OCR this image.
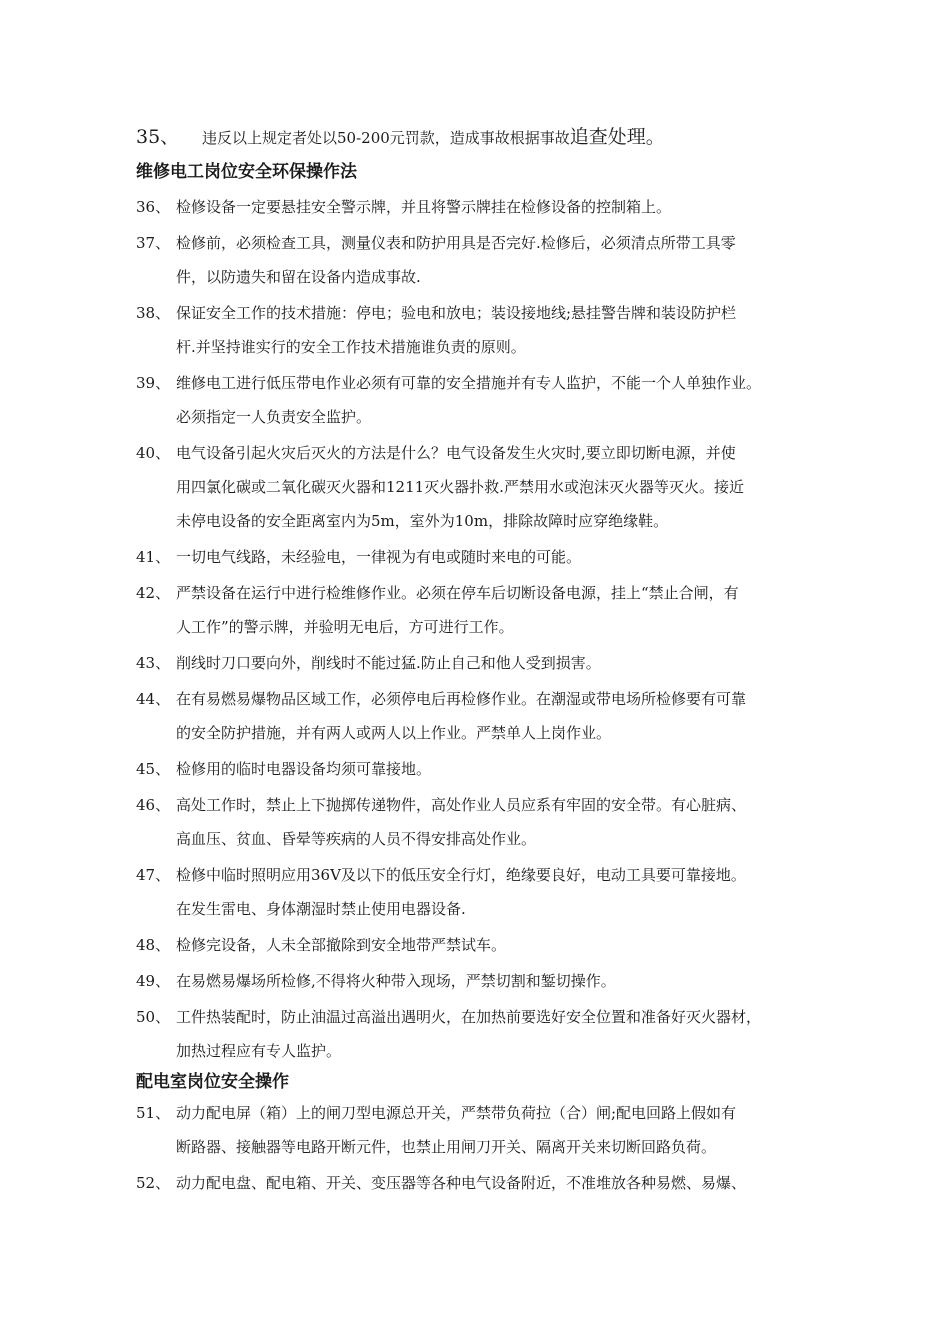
35、 违反以上规定者处以50-200元罚款，造成事故根据事故追查处理。
维修电工岗位安全环保操作法
36、 检修设备一定要悬挂安全警示牌，并且将警示牌挂在检修设备的控制箱上。
37、 检修前，必须检查工具，测量仪表和防护用具是否完好.检修后，必须清点所带工具零
件，以防遗失和留在设备内造成事故.
38、 保证安全工作的技术措施：停电；验电和放电；装设接地线;悬挂警告牌和装设防护栏
杆.并坚持谁实行的安全工作技术措施谁负责的原则。
39、 维修电工进行低压带电作业必须有可靠的安全措施并有专人监护，不能一个人单独作业。
必须指定一人负责安全监护。
40、 电气设备引起火灾后灭火的方法是什么？电气设备发生火灾时,要立即切断电源，并使
用四氯化碳或二氧化碳灭火器和1211灭火器扑救.严禁用水或泡沫灭火器等灭火。接近
未停电设备的安全距离室内为5m，室外为10m，排除故障时应穿绝缘鞋。
41、 一切电气线路，未经验电，一律视为有电或随时来电的可能。
42、 严禁设备在运行中进行检维修作业。必须在停车后切断设备电源，挂上“禁止合闸，有
人工作”的警示牌，并验明无电后，方可进行工作。
43、 削线时刀口要向外，削线时不能过猛.防止自己和他人受到损害。
44、 在有易燃易爆物品区域工作，必须停电后再检修作业。在潮湿或带电场所检修要有可靠
的安全防护措施，并有两人或两人以上作业。严禁单人上岗作业。
45、 检修用的临时电器设备均须可靠接地。
46、 高处工作时，禁止上下抛掷传递物件，高处作业人员应系有牢固的安全带。有心脏病、
高血压、贫血、昏晕等疾病的人员不得安排高处作业。
47、 检修中临时照明应用36V及以下的低压安全行灯，绝缘要良好，电动工具要可靠接地。
在发生雷电、身体潮湿时禁止使用电器设备.
48、 检修完设备，人未全部撤除到安全地带严禁试车。
49、 在易燃易爆场所检修,不得将火种带入现场，严禁切割和錾切操作。
50、 工件热装配时，防止油温过高溢出遇明火，在加热前要选好安全位置和准备好灭火器材，
加热过程应有专人监护。
配电室岗位安全操作
51、 动力配电屏（箱）上的闸刀型电源总开关，严禁带负荷拉（合）闸;配电回路上假如有
断路器、接触器等电路开断元件，也禁止用闸刀开关、隔离开关来切断回路负荷。
52、 动力配电盘、配电箱、开关、变压器等各种电气设备附近，不准堆放各种易燃、易爆、
